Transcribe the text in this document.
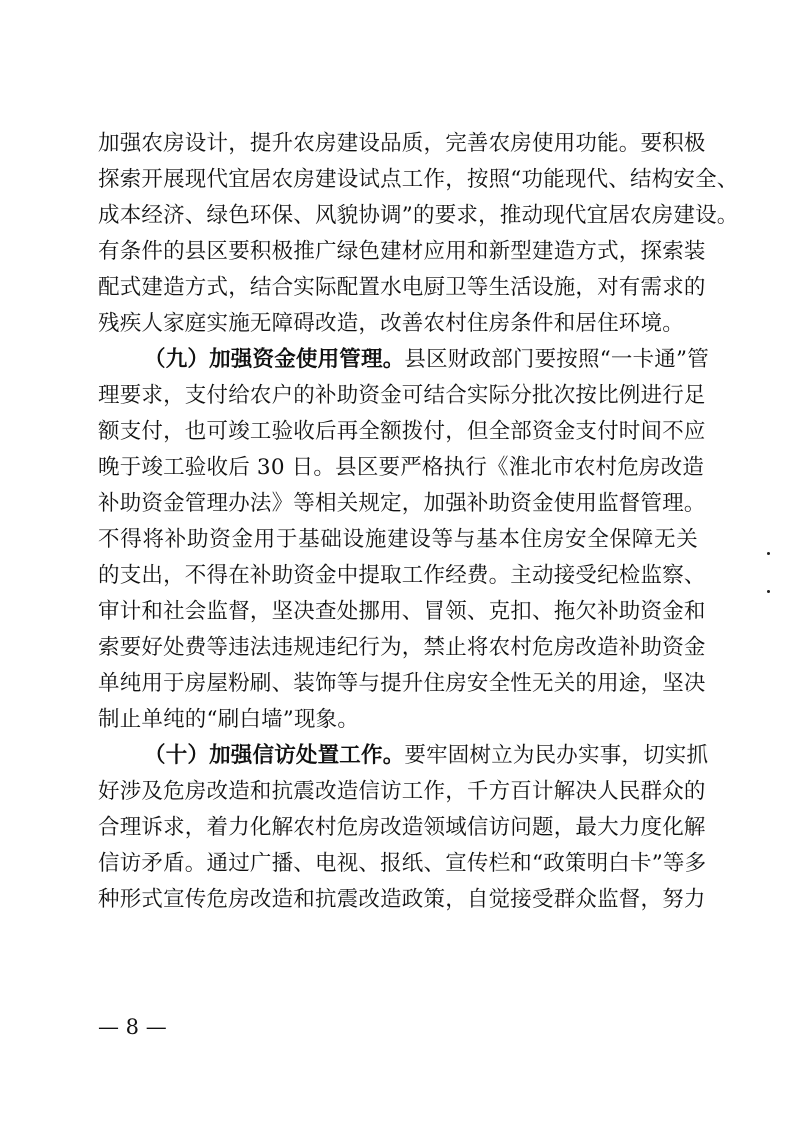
加强农房设计，提升农房建设品质，完善农房使用功能。要积极
探索开展现代宜居农房建设试点工作，按照“功能现代、结构安全、
成本经济、绿色环保、风貌协调”的要求，推动现代宜居农房建设。
有条件的县区要积极推广绿色建材应用和新型建造方式，探索装
配式建造方式，结合实际配置水电厨卫等生活设施，对有需求的
残疾人家庭实施无障碍改造，改善农村住房条件和居住环境。
（九）加强资金使用管理。县区财政部门要按照“一卡通”管
理要求，支付给农户的补助资金可结合实际分批次按比例进行足
额支付，也可竣工验收后再全额拨付，但全部资金支付时间不应
晚于竣工验收后 30 日。县区要严格执行《淮北市农村危房改造
补助资金管理办法》等相关规定，加强补助资金使用监督管理。
不得将补助资金用于基础设施建设等与基本住房安全保障无关
的支出，不得在补助资金中提取工作经费。主动接受纪检监察、
审计和社会监督，坚决查处挪用、冒领、克扣、拖欠补助资金和
索要好处费等违法违规违纪行为，禁止将农村危房改造补助资金
单纯用于房屋粉刷、装饰等与提升住房安全性无关的用途，坚决
制止单纯的“刷白墙”现象。
（十）加强信访处置工作。要牢固树立为民办实事，切实抓
好涉及危房改造和抗震改造信访工作，千方百计解决人民群众的
合理诉求，着力化解农村危房改造领域信访问题，最大力度化解
信访矛盾。通过广播、电视、报纸、宣传栏和“政策明白卡”等多
种形式宣传危房改造和抗震改造政策，自觉接受群众监督，努力
— 8 —
